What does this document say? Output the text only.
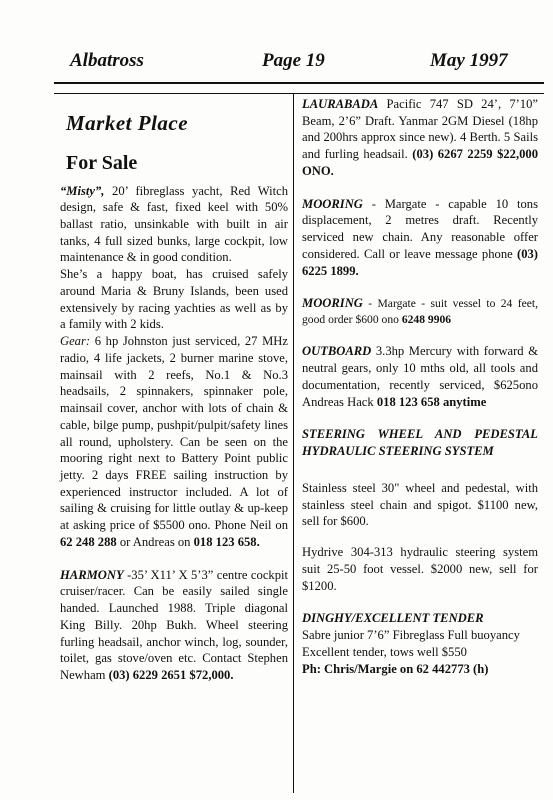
Albatross	Page 19	May 1997
Market Place
For Sale

“Misty”, 20’ fibreglass yacht, Red Witch design, safe & fast, fixed keel with 50% ballast ratio, unsinkable with built in air tanks, 4 full sized bunks, large cockpit, low maintenance & in good condition.

She’s a happy boat, has cruised safely around Maria & Bruny Islands, been used extensively by racing yachties as well as by a family with 2 kids.

Gear: 6 hp Johnston just serviced, 27 MHz radio, 4 life jackets, 2 burner marine stove, mainsail with 2 reefs, No.1 & No.3 headsails, 2 spinnakers, spinnaker pole, mainsail cover, anchor with lots of chain & cable, bilge pump, pushpit/pulpit/safety lines all round, upholstery. Can be seen on the mooring right next to Battery Point public jetty. 2 days FREE sailing instruction by experienced instructor included. A lot of sailing & cruising for little outlay & up-keep at asking price of $5500 ono. Phone Neil on 62 248 288 or Andreas on 018 123 658.

HARMONY -35’ X11’ X 5’3” centre cockpit cruiser/racer. Can be easily sailed single handed. Launched 1988. Triple diagonal King Billy. 20hp Bukh. Wheel steering furling headsail, anchor winch, log, sounder, toilet, gas stove/oven etc. Contact Stephen Newham (03) 6229 2651 $72,000.

LAURABADA Pacific 747 SD 24’, 7’10” Beam, 2’6” Draft. Yanmar 2GM Diesel (18hp and 200hrs approx since new). 4 Berth. 5 Sails and furling headsail. (03) 6267 2259 $22,000 ONO.

MOORING - Margate - capable 10 tons displacement, 2 metres draft. Recently serviced new chain. Any reasonable offer considered. Call or leave message phone (03) 6225 1899.

MOORING - Margate - suit vessel to 24 feet, good order $600 ono 6248 9906

OUTBOARD 3.3hp Mercury with forward & neutral gears, only 10 mths old, all tools and documentation, recently serviced, $625ono Andreas Hack 018 123 658 anytime

STEERING WHEEL AND PEDESTAL HYDRAULIC STEERING SYSTEM

Stainless steel 30" wheel and pedestal, with stainless steel chain and spigot. $1100 new, sell for $600.

Hydrive 304-313 hydraulic steering system suit 25-50 foot vessel. $2000 new, sell for $1200.

DINGHY/EXCELLENT TENDER

Sabre junior 7’6” Fibreglass Full buoyancy Excellent tender, tows well $550

Ph: Chris/Margie on 62 442773 (h)
